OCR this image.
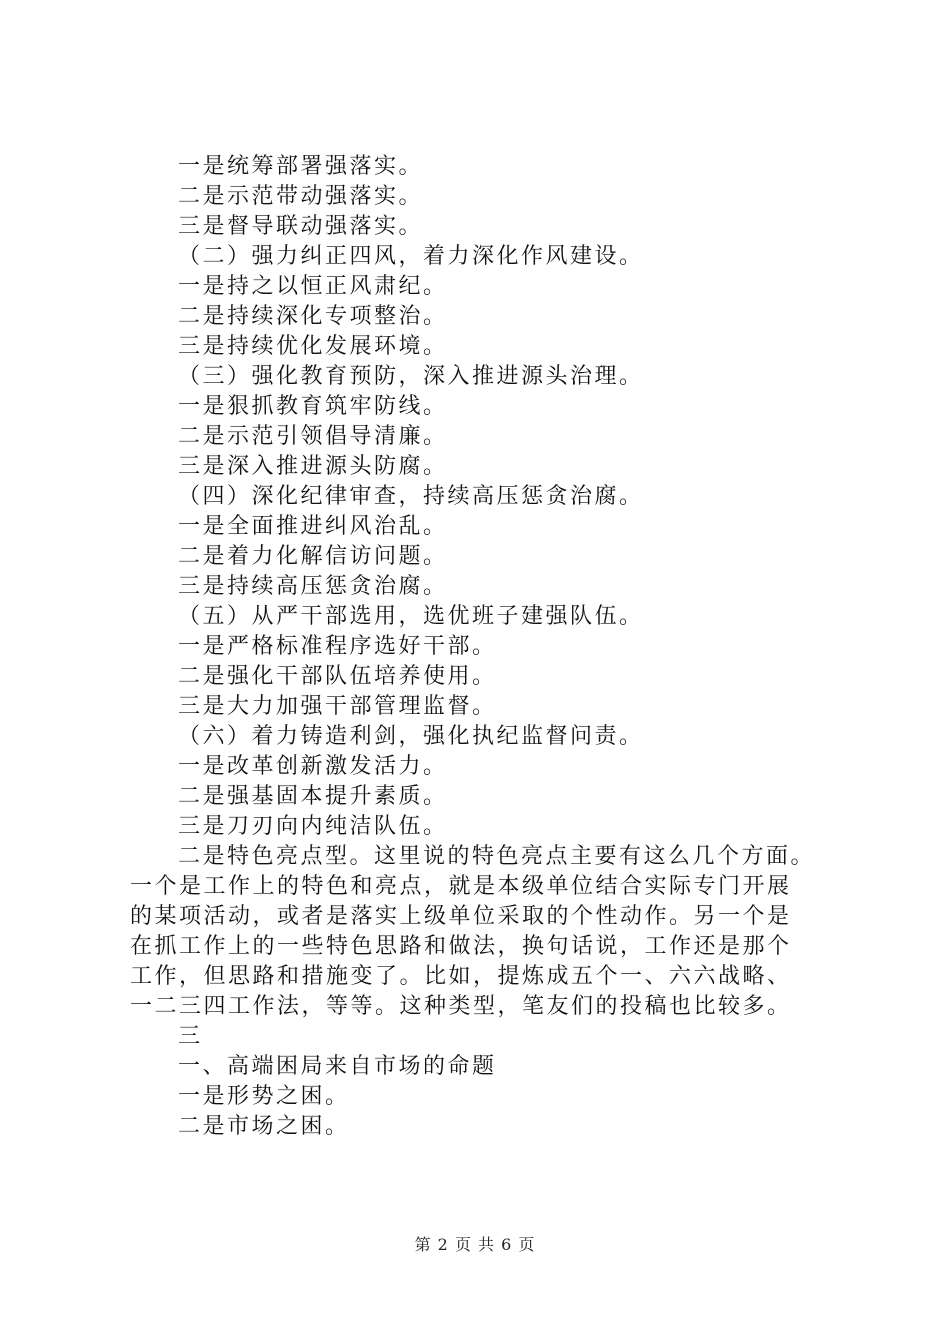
一是统筹部署强落实。
二是示范带动强落实。
三是督导联动强落实。
（二）强力纠正四风，着力深化作风建设。
一是持之以恒正风肃纪。
二是持续深化专项整治。
三是持续优化发展环境。
（三）强化教育预防，深入推进源头治理。
一是狠抓教育筑牢防线。
二是示范引领倡导清廉。
三是深入推进源头防腐。
（四）深化纪律审查，持续高压惩贪治腐。
一是全面推进纠风治乱。
二是着力化解信访问题。
三是持续高压惩贪治腐。
（五）从严干部选用，选优班子建强队伍。
一是严格标准程序选好干部。
二是强化干部队伍培养使用。
三是大力加强干部管理监督。
（六）着力铸造利剑，强化执纪监督问责。
一是改革创新激发活力。
二是强基固本提升素质。
三是刀刃向内纯洁队伍。
二是特色亮点型。这里说的特色亮点主要有这么几个方面。
一个是工作上的特色和亮点，就是本级单位结合实际专门开展
的某项活动，或者是落实上级单位采取的个性动作。另一个是
在抓工作上的一些特色思路和做法，换句话说，工作还是那个
工作，但思路和措施变了。比如，提炼成五个一、六六战略、
一二三四工作法，等等。这种类型，笔友们的投稿也比较多。
三
一、高端困局来自市场的命题
一是形势之困。
二是市场之困。
第 2 页 共 6 页
